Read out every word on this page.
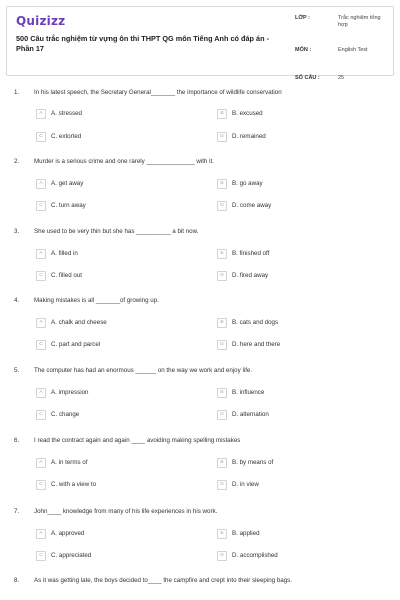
Quizizz
500 Câu trắc nghiệm từ vựng ôn thi THPT QG môn Tiếng Anh có đáp án - Phần 17
LỚP :	Trắc nghiệm tổng hợp
MÔN :	English Test
SỐ CÂU :	25
1. In his latest speech, the Secretary General_______ the importance of wildlife conservation
A	A. stressed	B	B. excused
C	C. extorted	D	D. remained
2. Murder is a serious crime and one rarely ______________ with it.
A	A. get away	B	B. go away
C	C. turn away	D	D. come away
3. She used to be very thin but she has __________ a bit now.
A	A. filled in	B	B. finished off
C	C. filled out	D	D. fired away
4. Making mistakes is all _______of growing up.
A	A. chalk and cheese	B	B. cats and dogs
C	C. part and parcel	D	D. here and there
5. The computer has had an enormous ______ on the way we work and enjoy life.
A	A. impression	B	B. influence
C	C. change	D	D. alternation
6. I read the contract again and again ____ avoiding making spelling mistakes
A	A. in terms of	B	B. by means of
C	C. with a view to	D	D. in view
7. John____ knowledge from many of his life experiences in his work.
A	A. approved	B	B. applied
C	C. appreciated	D	D. accomplished
8. As it was getting late, the boys decided to____ the campfire and crept into their sleeping bags.
